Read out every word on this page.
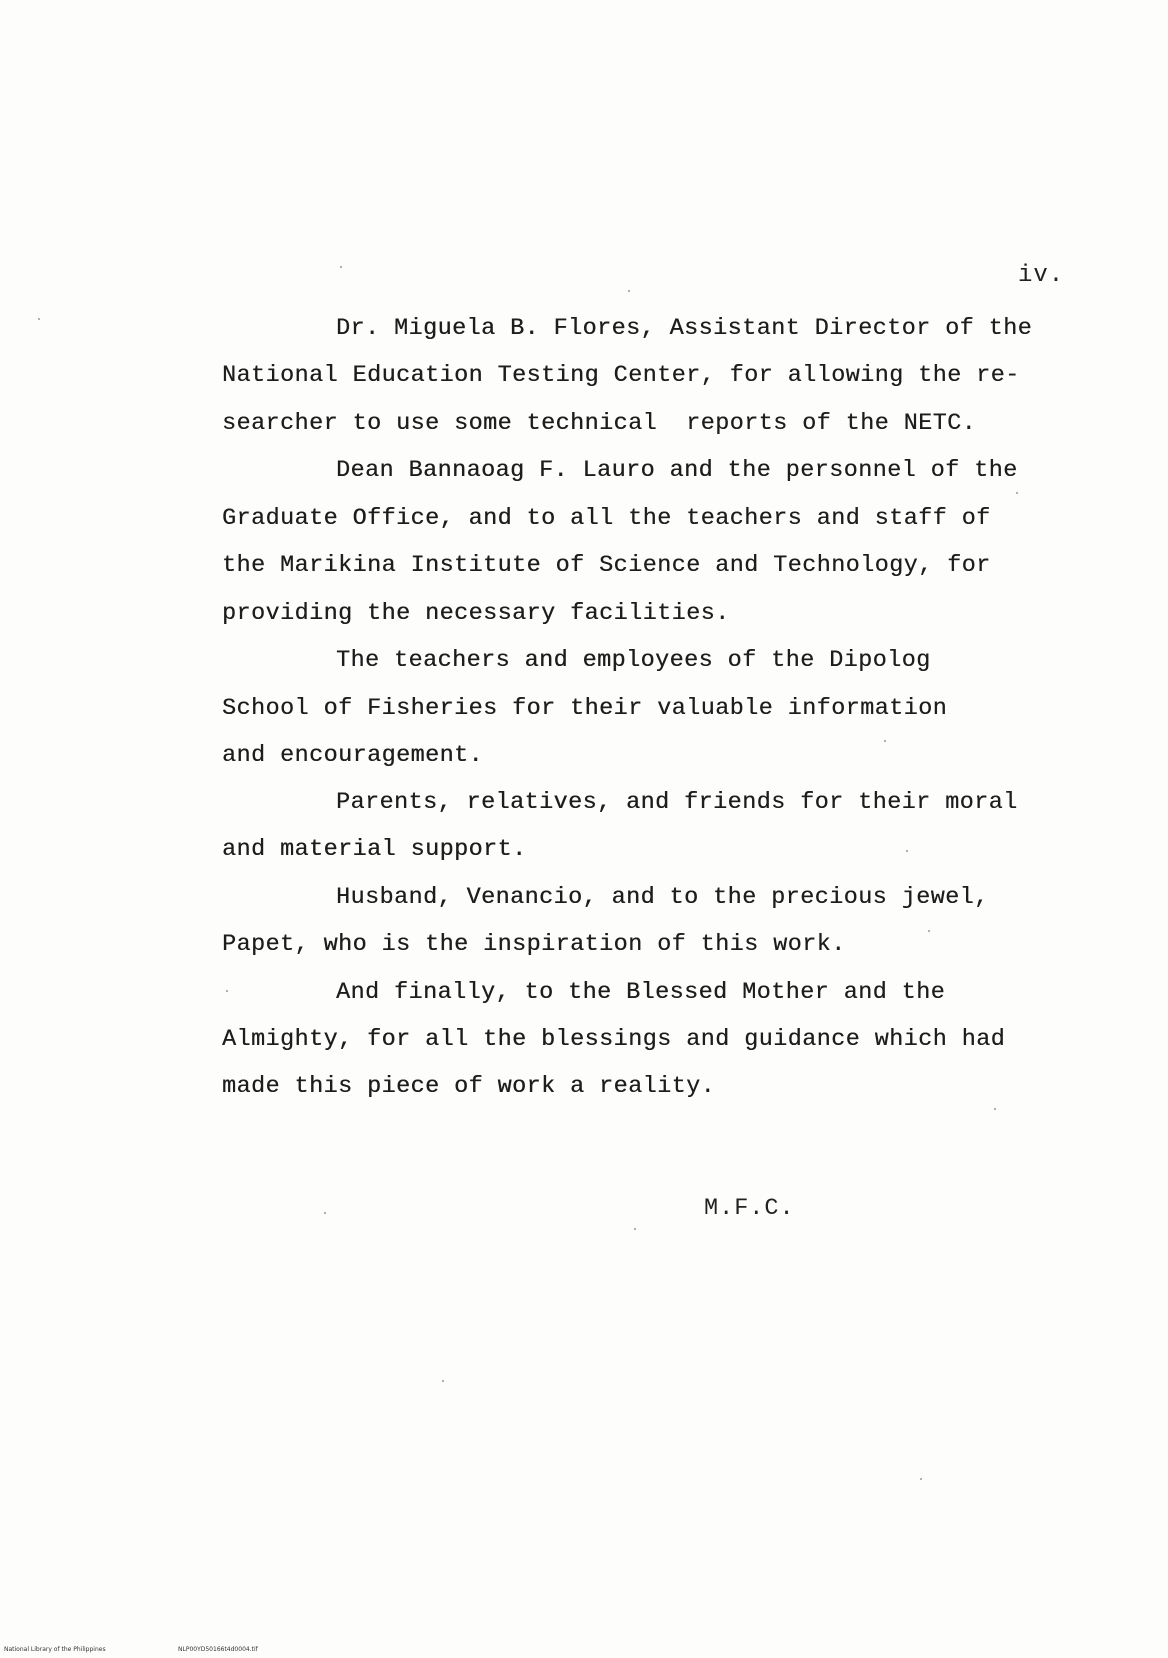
iv.
Dr. Miguela B. Flores, Assistant Director of the
National Education Testing Center, for allowing the re-
searcher to use some technical  reports of the NETC.
Dean Bannaoag F. Lauro and the personnel of the
Graduate Office, and to all the teachers and staff of
the Marikina Institute of Science and Technology, for
providing the necessary facilities.
The teachers and employees of the Dipolog
School of Fisheries for their valuable information
and encouragement.
Parents, relatives, and friends for their moral
and material support.
Husband, Venancio, and to the precious jewel,
Papet, who is the inspiration of this work.
And finally, to the Blessed Mother and the
Almighty, for all the blessings and guidance which had
made this piece of work a reality.
M.F.C.
National Library of the Philippines	NLP00YD50166t4d0004.tif
